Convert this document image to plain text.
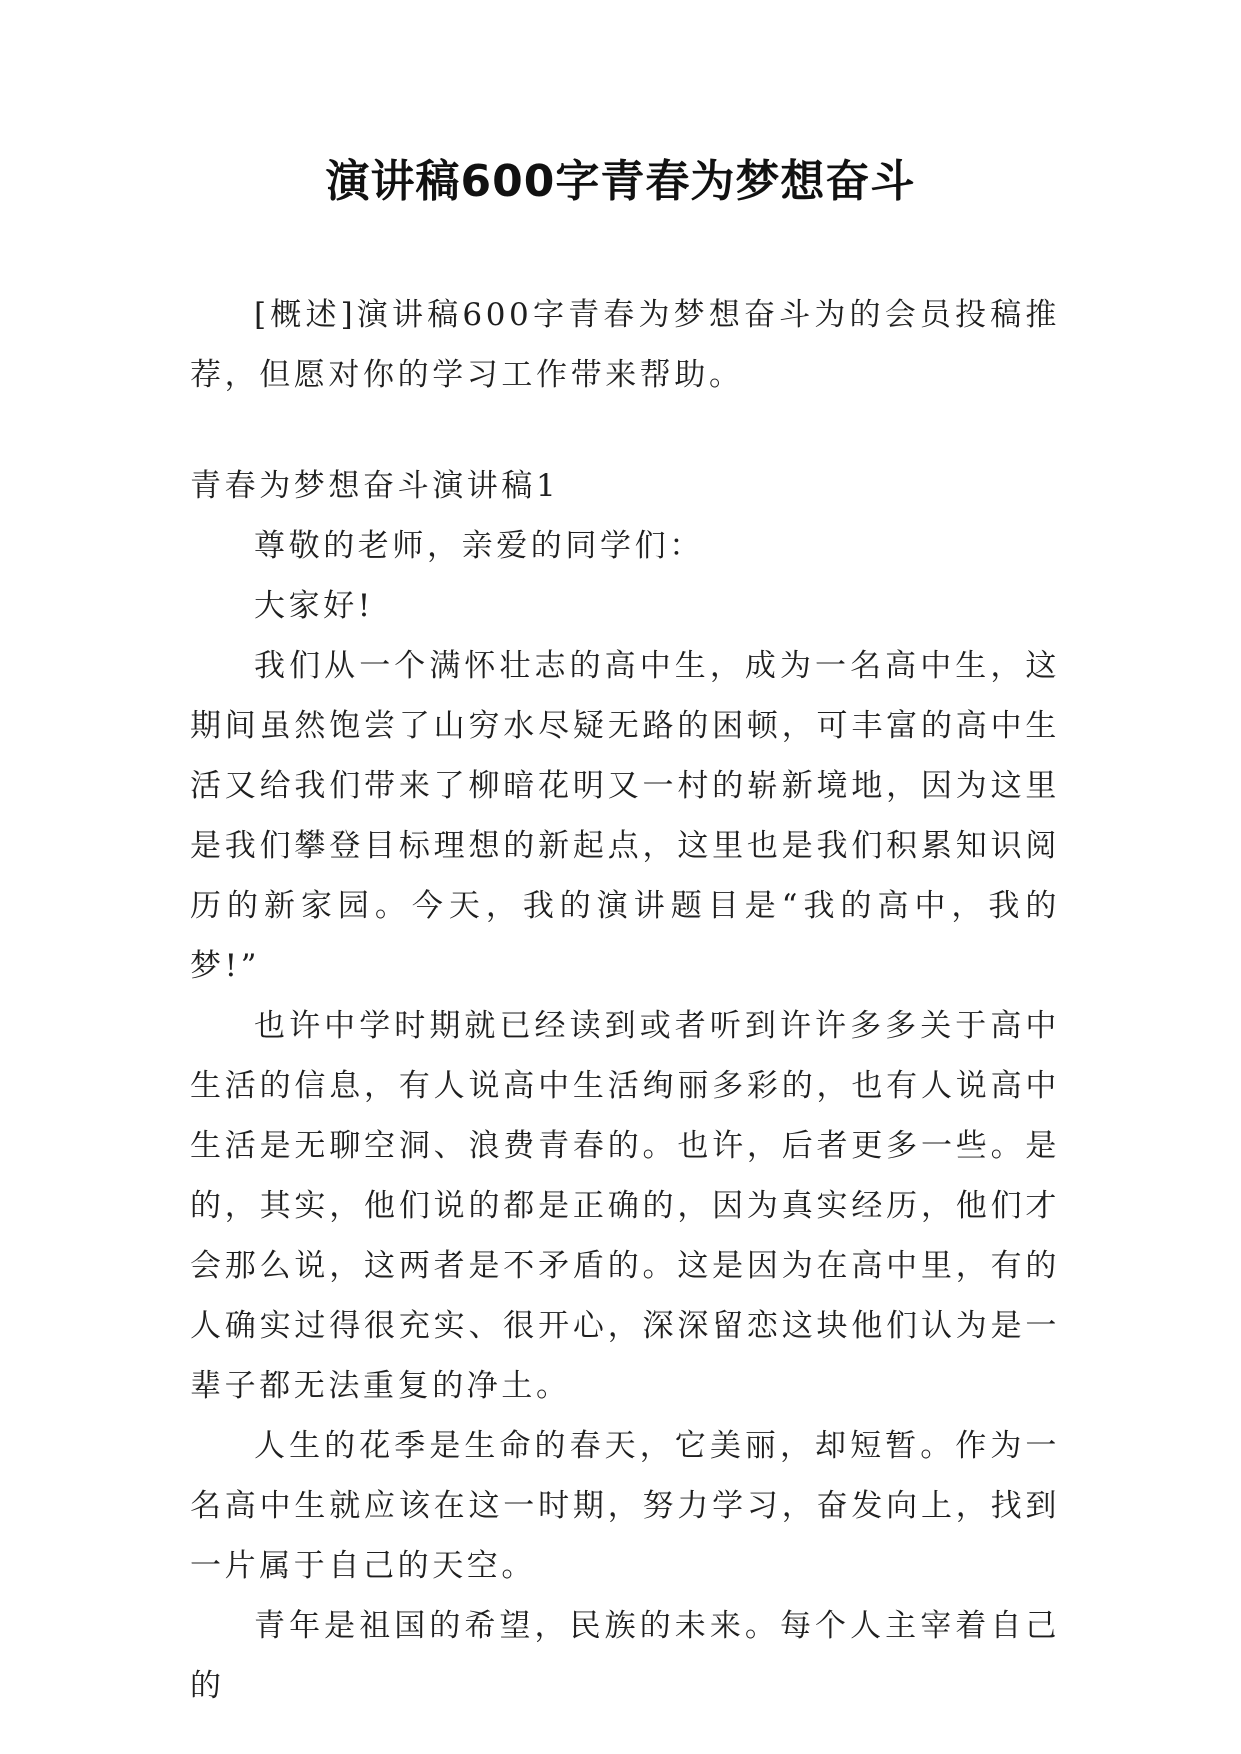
演讲稿600字青春为梦想奋斗

[概述]演讲稿600字青春为梦想奋斗为的会员投稿推荐，但愿对你的学习工作带来帮助。

青春为梦想奋斗演讲稿1

尊敬的老师，亲爱的同学们：

大家好!

我们从一个满怀壮志的高中生，成为一名高中生，这期间虽然饱尝了山穷水尽疑无路的困顿，可丰富的高中生活又给我们带来了柳暗花明又一村的崭新境地，因为这里是我们攀登目标理想的新起点，这里也是我们积累知识阅历的新家园。今天，我的演讲题目是“我的高中，我的梦!”

也许中学时期就已经读到或者听到许许多多关于高中生活的信息，有人说高中生活绚丽多彩的，也有人说高中生活是无聊空洞、浪费青春的。也许，后者更多一些。是的，其实，他们说的都是正确的，因为真实经历，他们才会那么说，这两者是不矛盾的。这是因为在高中里，有的人确实过得很充实、很开心，深深留恋这块他们认为是一辈子都无法重复的净土。

人生的花季是生命的春天，它美丽，却短暂。作为一名高中生就应该在这一时期，努力学习，奋发向上，找到一片属于自己的天空。

青年是祖国的希望，民族的未来。每个人主宰着自己的
